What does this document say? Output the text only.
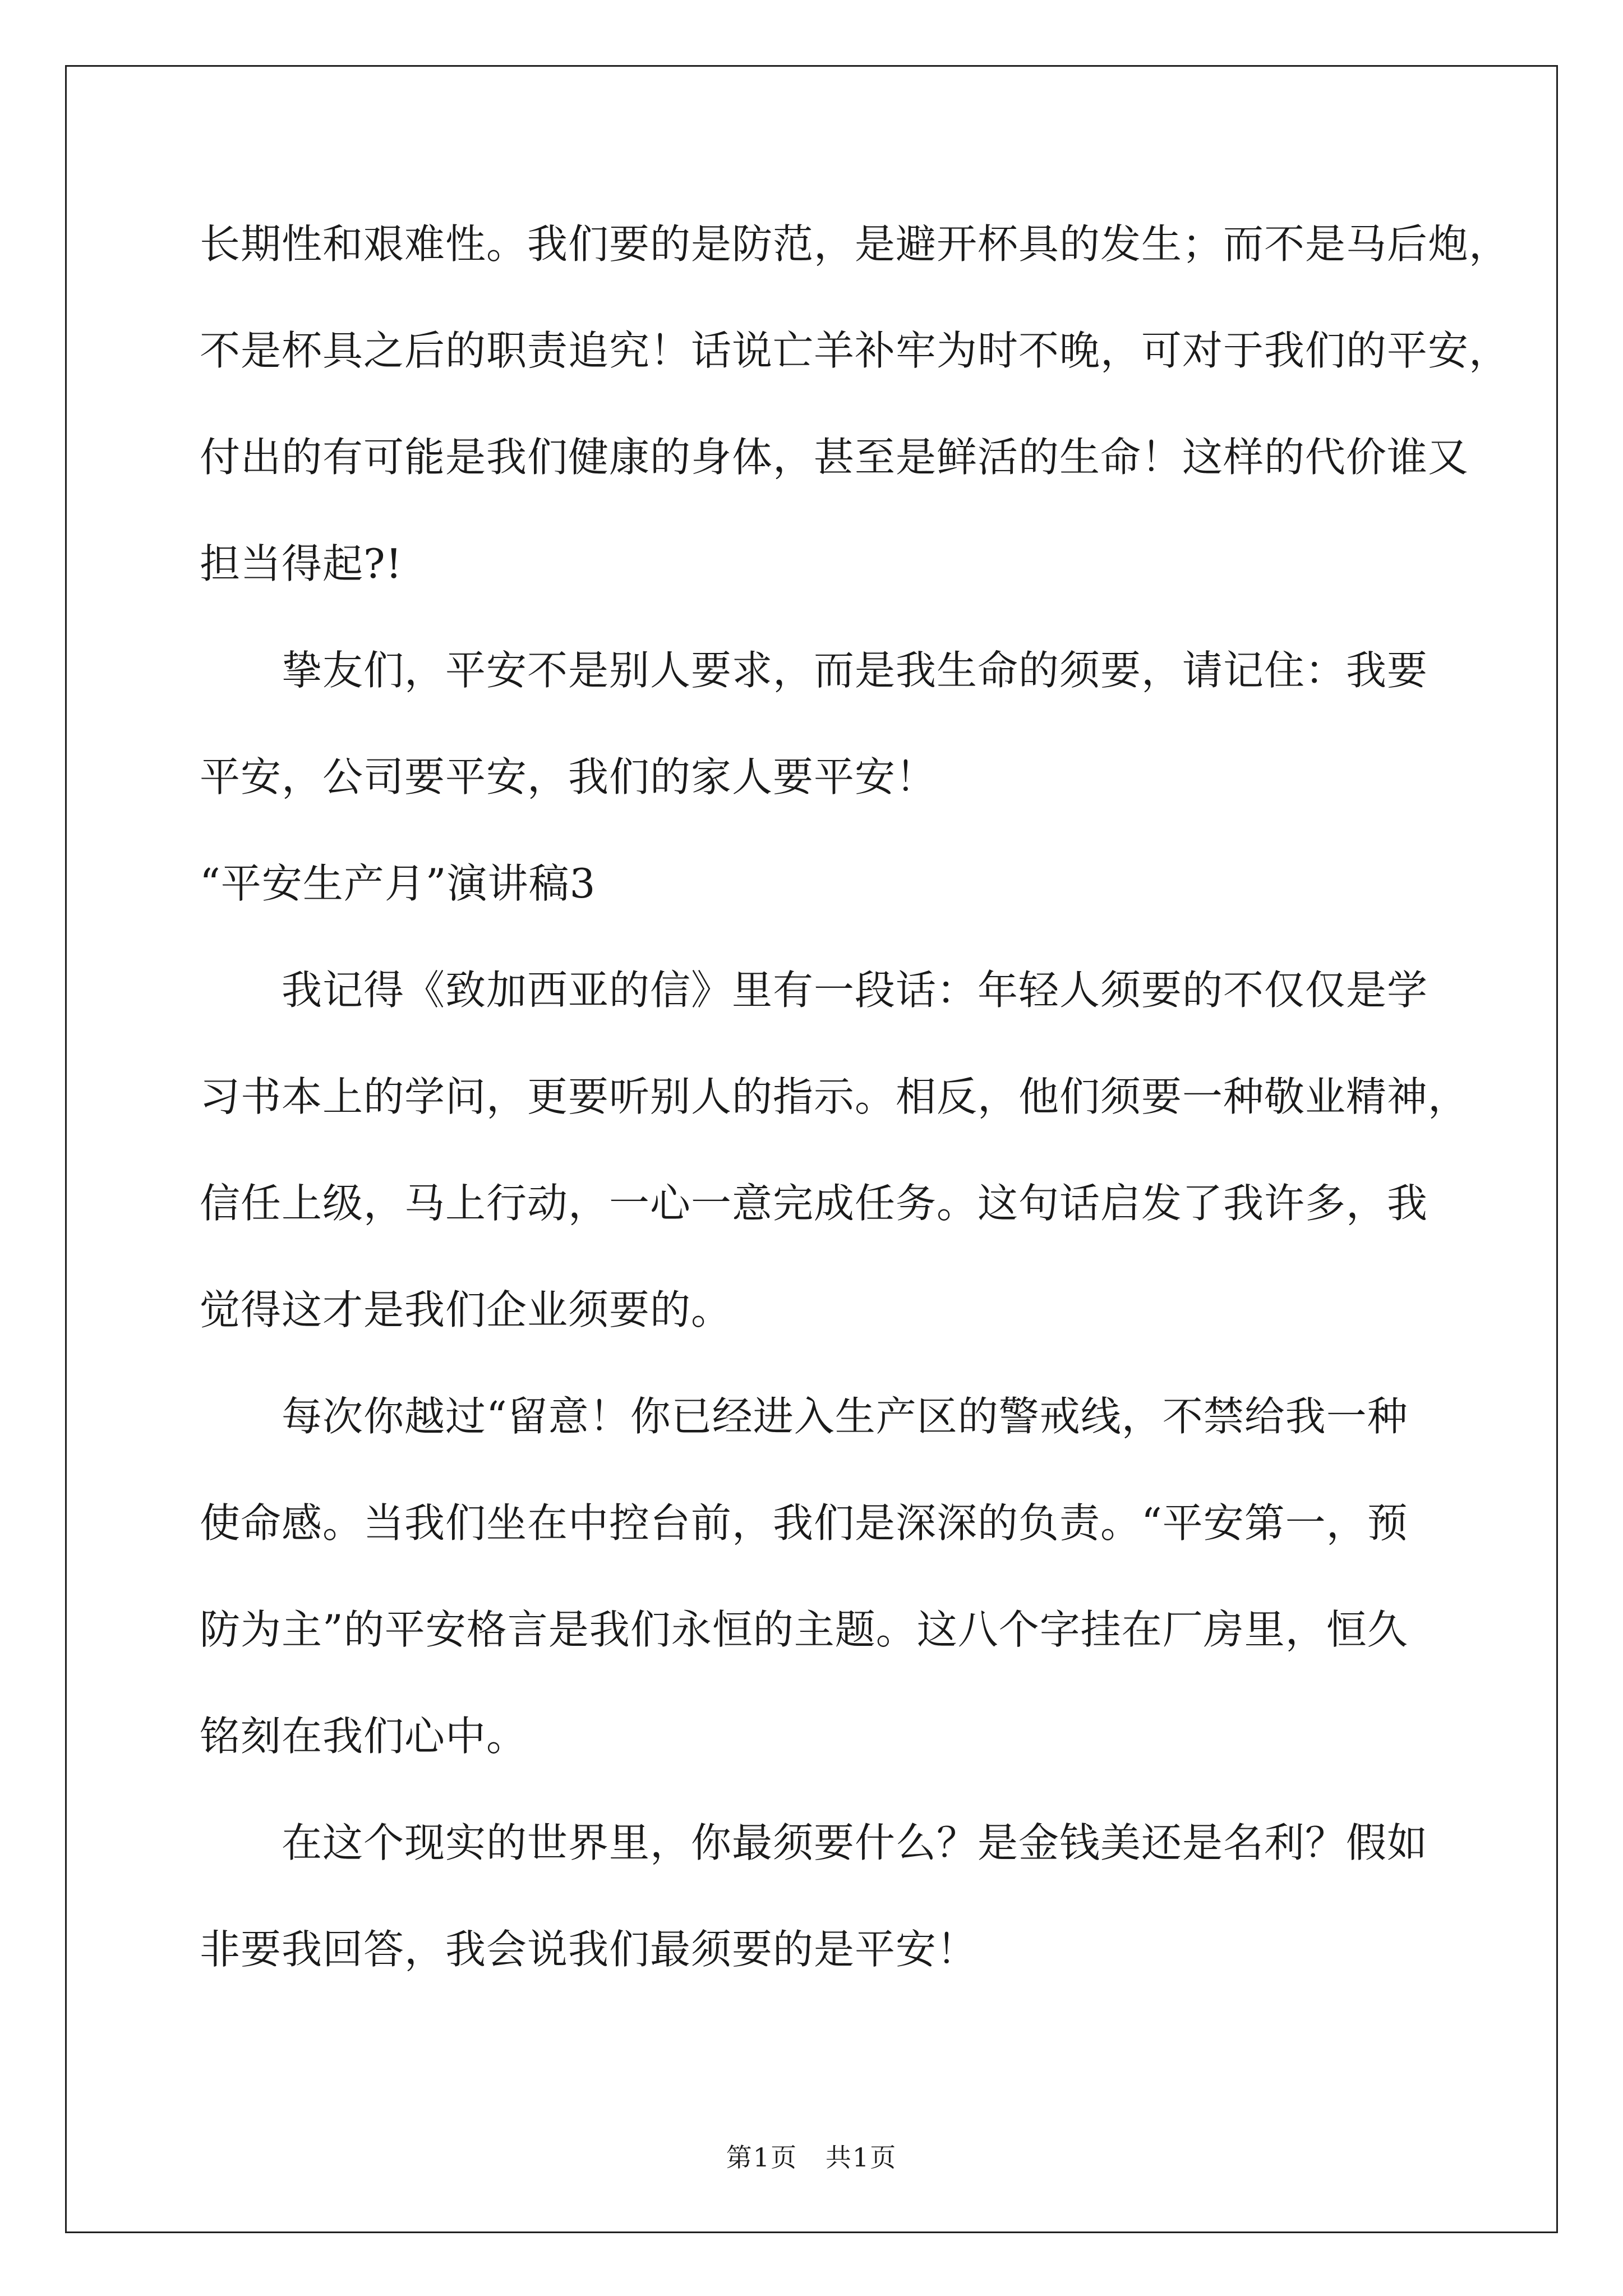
长期性和艰难性。我们要的是防范，是避开杯具的发生；而不是马后炮，
不是杯具之后的职责追究！话说亡羊补牢为时不晚，可对于我们的平安，
付出的有可能是我们健康的身体，甚至是鲜活的生命！这样的代价谁又
担当得起?!
　　挚友们，平安不是别人要求，而是我生命的须要，请记住：我要
平安，公司要平安，我们的家人要平安！
“平安生产月”演讲稿3
　　我记得《致加西亚的信》里有一段话：年轻人须要的不仅仅是学
习书本上的学问，更要听别人的指示。相反，他们须要一种敬业精神，
信任上级，马上行动，一心一意完成任务。这句话启发了我许多，我
觉得这才是我们企业须要的。
　　每次你越过“留意！你已经进入生产区的警戒线，不禁给我一种
使命感。当我们坐在中控台前，我们是深深的负责。“平安第一，预
防为主”的平安格言是我们永恒的主题。这八个字挂在厂房里，恒久
铭刻在我们心中。
　　在这个现实的世界里，你最须要什么？是金钱美还是名利？假如
非要我回答，我会说我们最须要的是平安！
第1页   共1页
